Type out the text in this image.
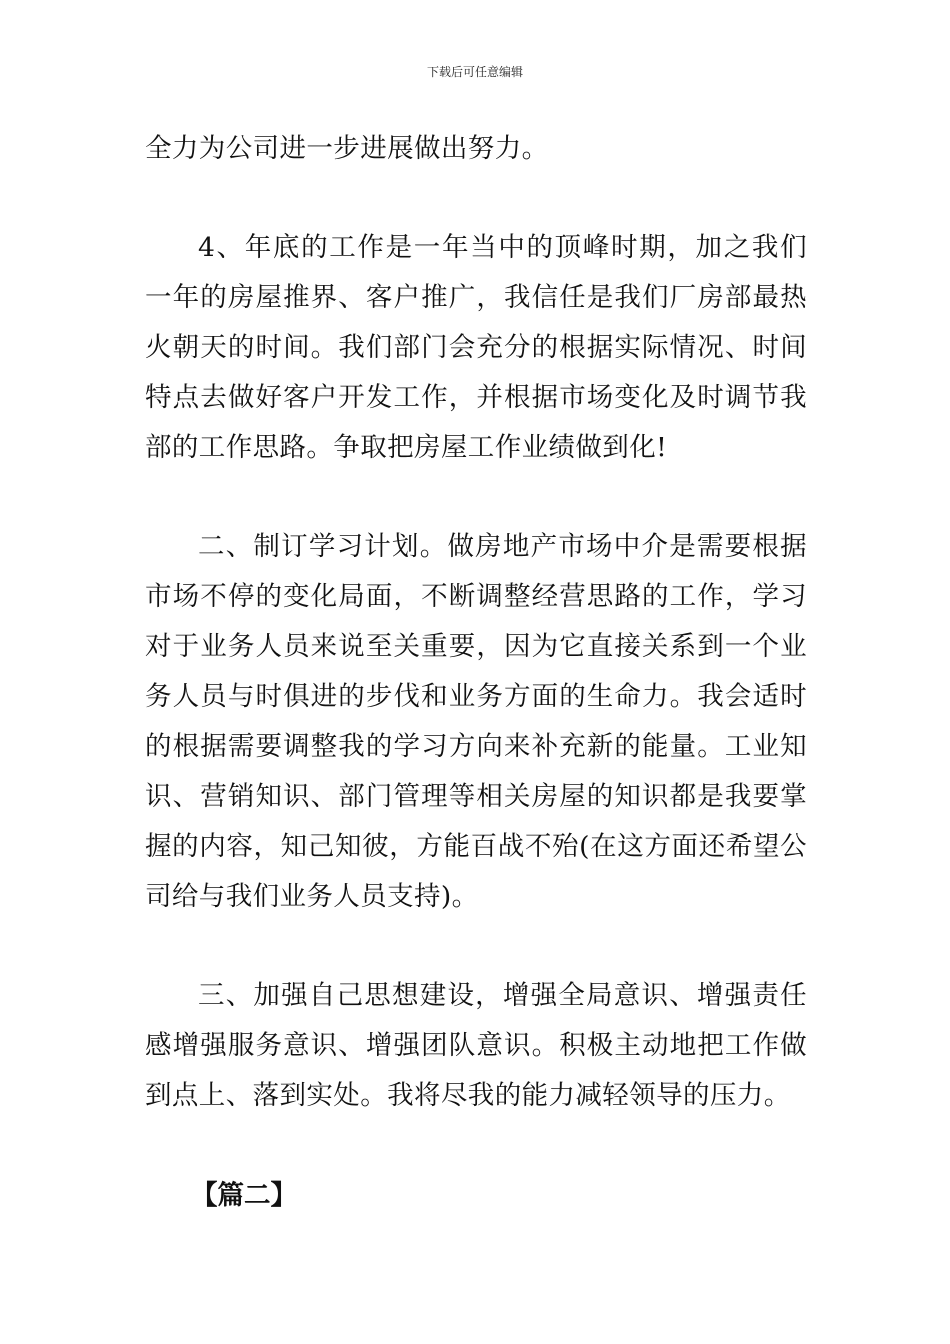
下载后可任意编辑

全力为公司进一步进展做出努力。

4、年底的工作是一年当中的顶峰时期，加之我们一年的房屋推界、客户推广，我信任是我们厂房部最热火朝天的时间。我们部门会充分的根据实际情况、时间特点去做好客户开发工作，并根据市场变化及时调节我部的工作思路。争取把房屋工作业绩做到化!

二、制订学习计划。做房地产市场中介是需要根据市场不停的变化局面，不断调整经营思路的工作，学习对于业务人员来说至关重要，因为它直接关系到一个业务人员与时俱进的步伐和业务方面的生命力。我会适时的根据需要调整我的学习方向来补充新的能量。工业知识、营销知识、部门管理等相关房屋的知识都是我要掌握的内容，知己知彼，方能百战不殆(在这方面还希望公司给与我们业务人员支持)。

三、加强自己思想建设，增强全局意识、增强责任感增强服务意识、增强团队意识。积极主动地把工作做到点上、落到实处。我将尽我的能力减轻领导的压力。

【篇二】
